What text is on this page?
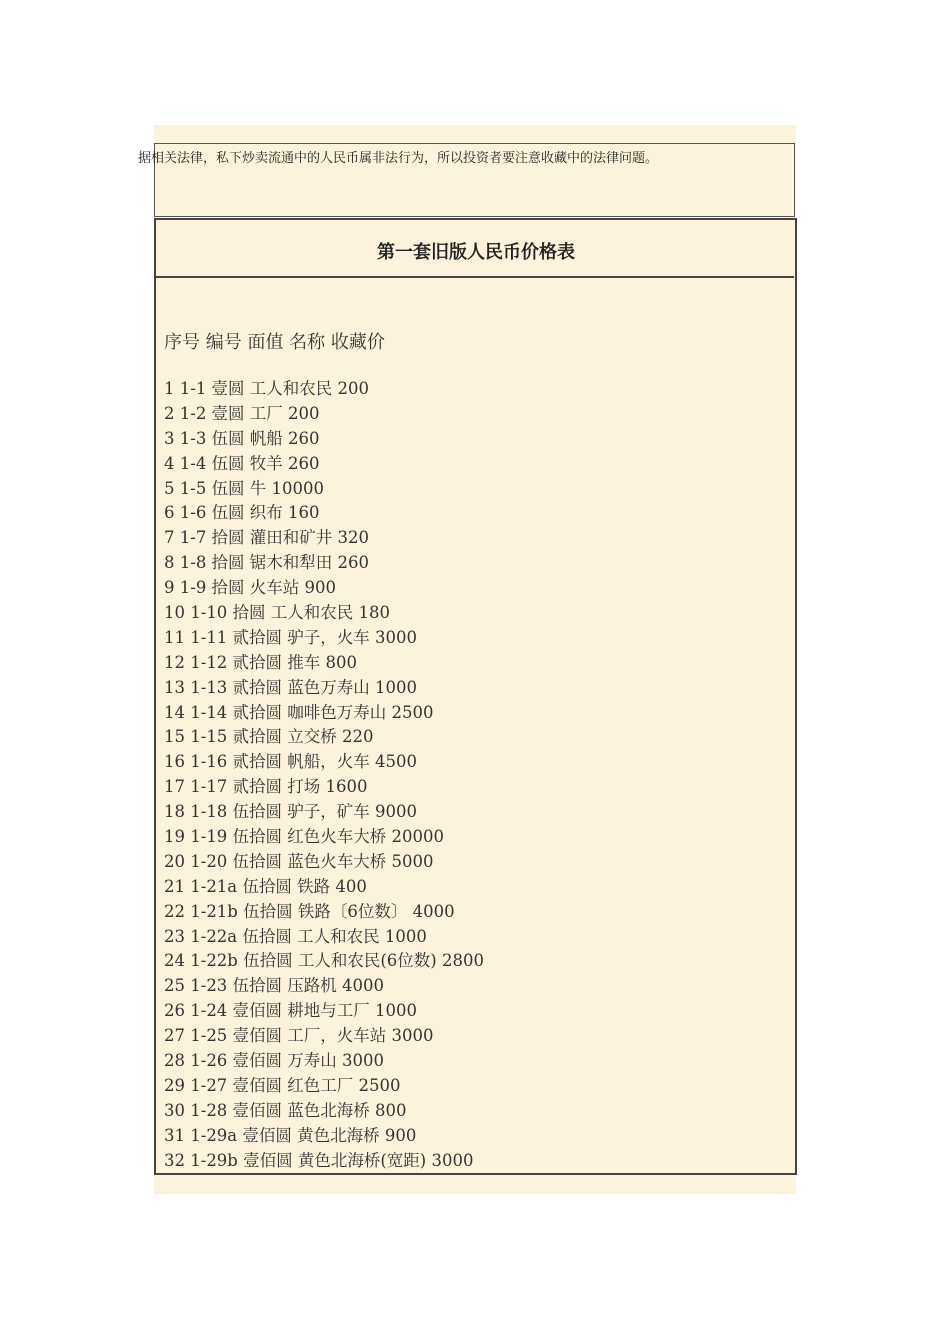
据相关法律，私下炒卖流通中的人民币属非法行为，所以投资者要注意收藏中的法律问题。
第一套旧版人民币价格表
序号 编号 面值 名称 收藏价
1 1-1 壹圆 工人和农民 200
2 1-2 壹圆 工厂 200
3 1-3 伍圆 帆船 260
4 1-4 伍圆 牧羊 260
5 1-5 伍圆 牛 10000
6 1-6 伍圆 织布 160
7 1-7 拾圆 灌田和矿井 320
8 1-8 拾圆 锯木和犁田 260
9 1-9 拾圆 火车站 900
10 1-10 拾圆 工人和农民 180
11 1-11 贰拾圆 驴子，火车 3000
12 1-12 贰拾圆 推车 800
13 1-13 贰拾圆 蓝色万寿山 1000
14 1-14 贰拾圆 咖啡色万寿山 2500
15 1-15 贰拾圆 立交桥 220
16 1-16 贰拾圆 帆船，火车 4500
17 1-17 贰拾圆 打场 1600
18 1-18 伍拾圆 驴子，矿车 9000
19 1-19 伍拾圆 红色火车大桥 20000
20 1-20 伍拾圆 蓝色火车大桥 5000
21 1-21a 伍拾圆 铁路 400
22 1-21b 伍拾圆 铁路〔6位数〕 4000
23 1-22a 伍拾圆 工人和农民 1000
24 1-22b 伍拾圆 工人和农民(6位数) 2800
25 1-23 伍拾圆 压路机 4000
26 1-24 壹佰圆 耕地与工厂 1000
27 1-25 壹佰圆 工厂，火车站 3000
28 1-26 壹佰圆 万寿山 3000
29 1-27 壹佰圆 红色工厂 2500
30 1-28 壹佰圆 蓝色北海桥 800
31 1-29a 壹佰圆 黄色北海桥 900
32 1-29b 壹佰圆 黄色北海桥(宽距) 3000
